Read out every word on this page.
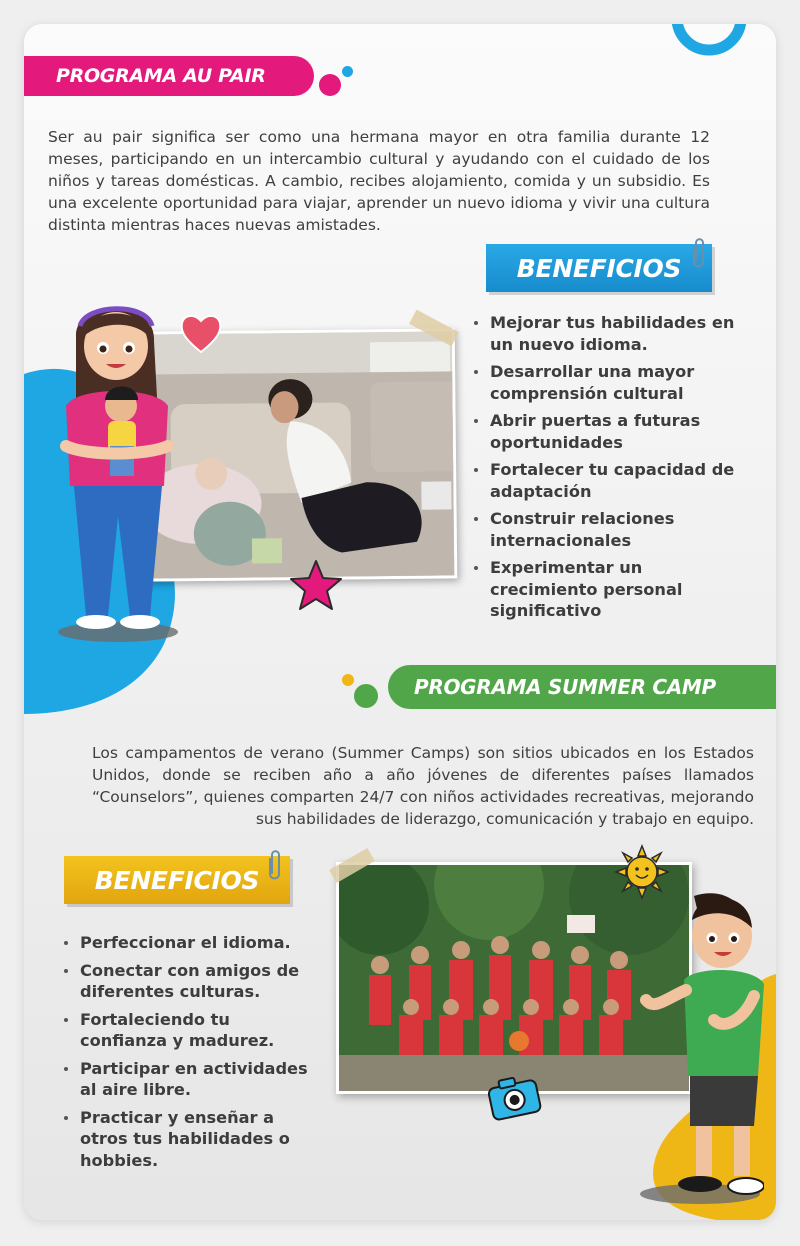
PROGRAMA AU PAIR

Ser au pair significa ser como una hermana mayor en otra familia durante 12 meses, participando en un intercambio cultural y ayudando con el cuidado de los niños y tareas domésticas. A cambio, recibes alojamiento, comida y un subsidio. Es una excelente oportunidad para viajar, aprender un nuevo idioma y vivir una cultura distinta mientras haces nuevas amistades.

BENEFICIOS
Mejorar tus habilidades en un nuevo idioma.
Desarrollar una mayor comprensión cultural
Abrir puertas a futuras oportunidades
Fortalecer tu capacidad de adaptación
Construir relaciones internacionales
Experimentar un crecimiento personal significativo
PROGRAMA SUMMER CAMP

Los campamentos de verano (Summer Camps) son sitios ubicados en los Estados Unidos, donde se reciben año a año jóvenes de diferentes países llamados “Counselors”, quienes comparten 24/7 con niños actividades recreativas, mejorando sus habilidades de liderazgo, comunicación y trabajo en equipo.

BENEFICIOS
Perfeccionar el idioma.
Conectar con amigos de diferentes culturas.
Fortaleciendo tu confianza y madurez.
Participar en actividades al aire libre.
Practicar y enseñar a otros tus habilidades o hobbies.
